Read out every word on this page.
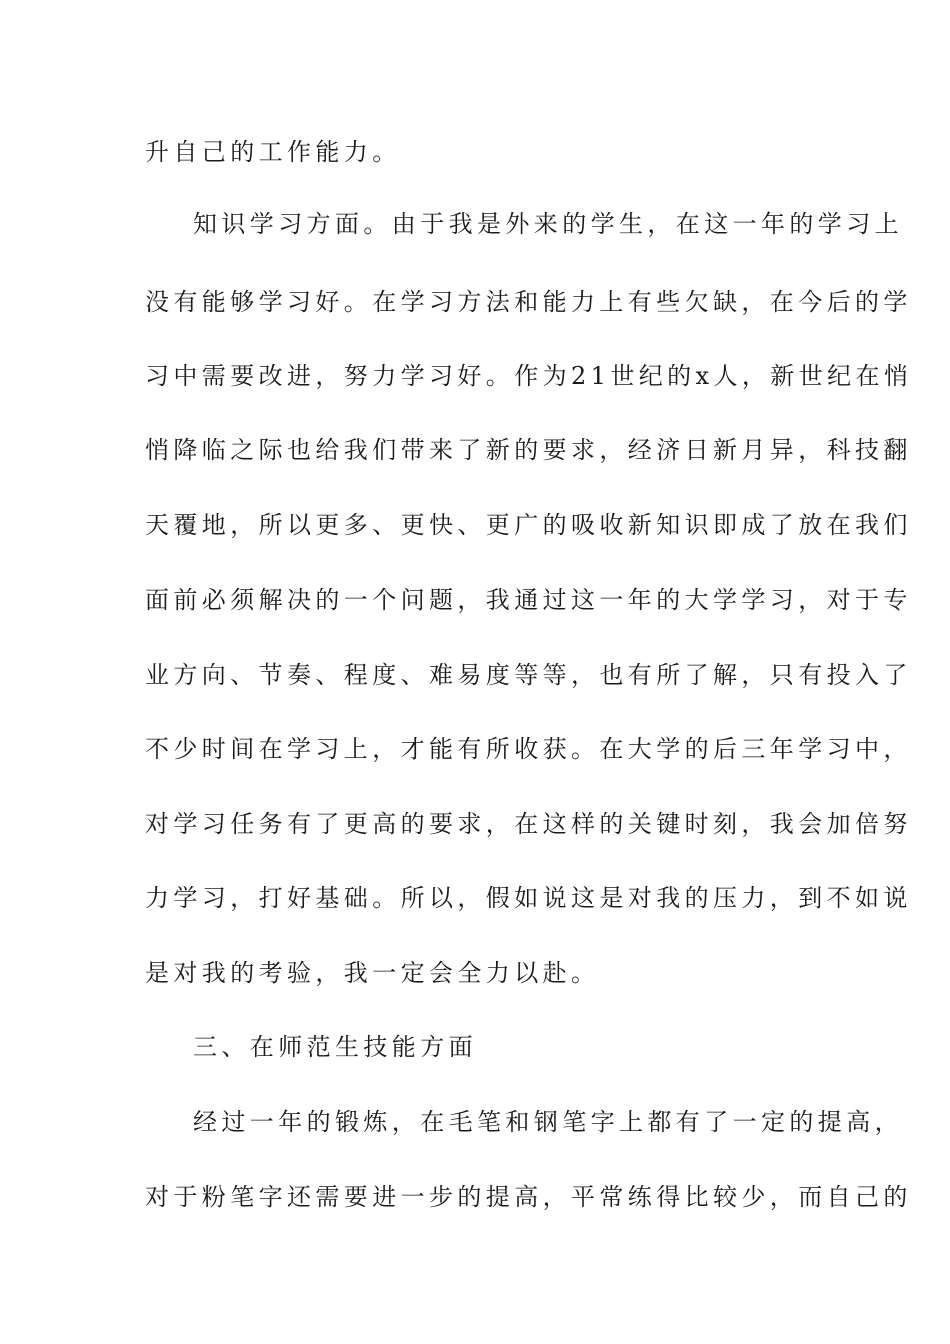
升自己的工作能力。
知识学习方面。由于我是外来的学生，在这一年的学习上
没有能够学习好。在学习方法和能力上有些欠缺，在今后的学
习中需要改进，努力学习好。作为21世纪的x人，新世纪在悄
悄降临之际也给我们带来了新的要求，经济日新月异，科技翻
天覆地，所以更多、更快、更广的吸收新知识即成了放在我们
面前必须解决的一个问题，我通过这一年的大学学习，对于专
业方向、节奏、程度、难易度等等，也有所了解，只有投入了
不少时间在学习上，才能有所收获。在大学的后三年学习中，
对学习任务有了更高的要求，在这样的关键时刻，我会加倍努
力学习，打好基础。所以，假如说这是对我的压力，到不如说
是对我的考验，我一定会全力以赴。
三、在师范生技能方面
经过一年的锻炼，在毛笔和钢笔字上都有了一定的提高，
对于粉笔字还需要进一步的提高，平常练得比较少，而自己的
